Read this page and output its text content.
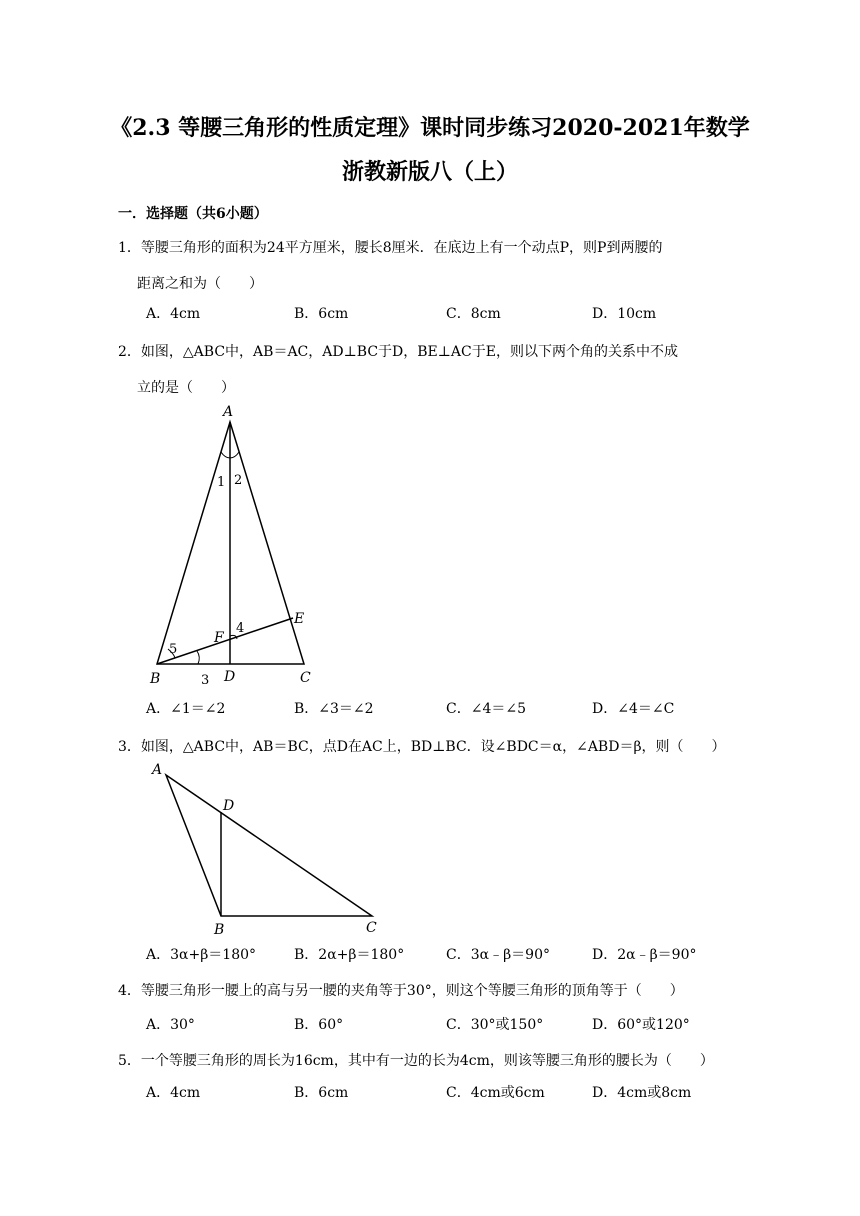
《2.3 等腰三角形的性质定理》课时同步练习2020-2021年数学
浙教新版八（上）
一．选择题（共6小题）
1．等腰三角形的面积为24平方厘米，腰长8厘米．在底边上有一个动点P，则P到两腰的
距离之和为（　　）
A．4cm	B．6cm	C．8cm	D．10cm
2．如图，△ABC中，AB＝AC，AD⊥BC于D，BE⊥AC于E，则以下两个角的关系中不成
立的是（　　）
A
B	C
D
E
F
1 2
3
4
5
A．∠1＝∠2	B．∠3＝∠2	C．∠4＝∠5	D．∠4＝∠C
3．如图，△ABC中，AB＝BC，点D在AC上，BD⊥BC．设∠BDC＝α，∠ABD＝β，则（　　）
A
B	C
D
A．3α+β＝180°	B．2α+β＝180°	C．3α﹣β＝90°	D．2α﹣β＝90°
4．等腰三角形一腰上的高与另一腰的夹角等于30°，则这个等腰三角形的顶角等于（　　）
A．30°	B．60°	C．30°或150°	D．60°或120°
5．一个等腰三角形的周长为16cm，其中有一边的长为4cm，则该等腰三角形的腰长为（　　）
A．4cm	B．6cm	C．4cm或6cm	D．4cm或8cm
